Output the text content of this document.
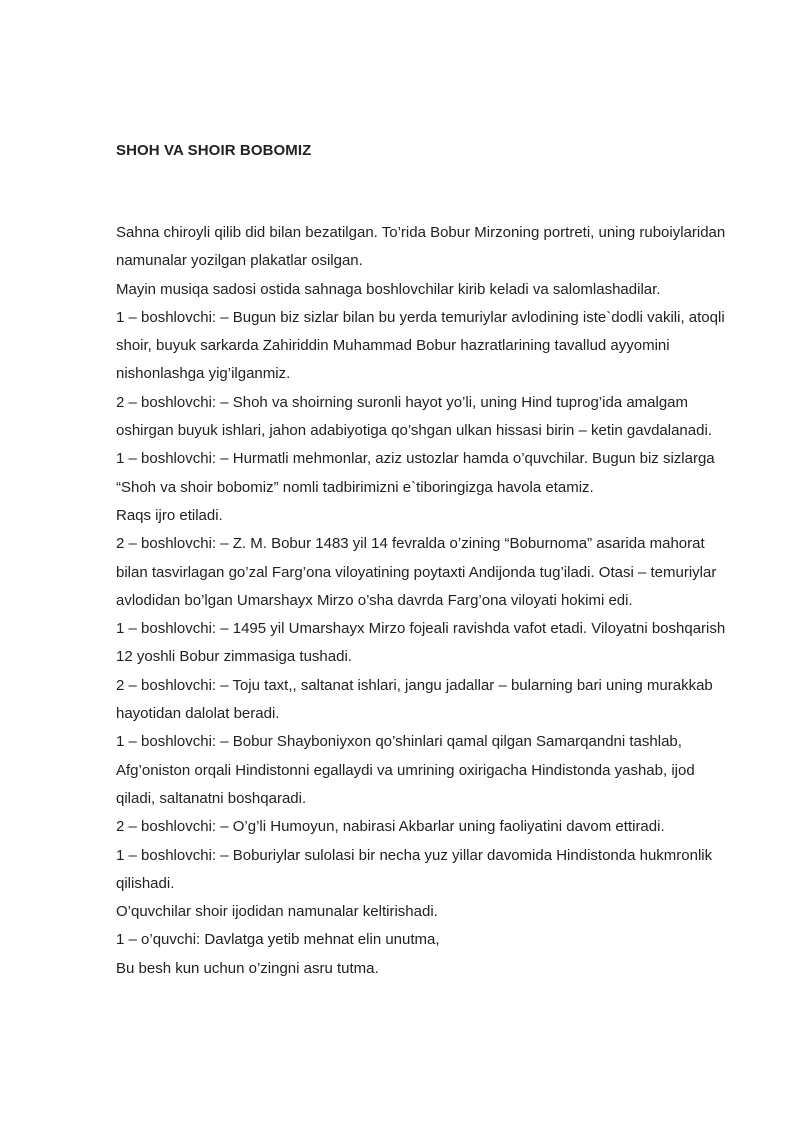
SHOH VA SHOIR BOBOMIZ

Sahna chiroyli qilib did bilan bezatilgan. To’rida Bobur Mirzoning portreti, uning ruboiylaridan namunalar yozilgan plakatlar osilgan.

Mayin musiqa sadosi ostida sahnaga boshlovchilar kirib keladi va salomlashadilar.

1 – boshlovchi: – Bugun biz sizlar bilan bu yerda temuriylar avlodining iste`dodli vakili, atoqli shoir, buyuk sarkarda Zahiriddin Muhammad Bobur hazratlarining tavallud ayyomini nishonlashga yig’ilganmiz.

2 – boshlovchi: – Shoh va shoirning suronli hayot yo’li, uning Hind tuprog’ida amalgam oshirgan buyuk ishlari, jahon adabiyotiga qo’shgan ulkan hissasi birin – ketin gavdalanadi.

1 – boshlovchi: – Hurmatli mehmonlar, aziz ustozlar hamda o’quvchilar. Bugun biz sizlarga “Shoh va shoir bobomiz” nomli tadbirimizni e`tiboringizga havola etamiz.

Raqs ijro etiladi.

2 – boshlovchi: – Z. M. Bobur 1483 yil 14 fevralda o’zining “Boburnoma” asarida mahorat bilan tasvirlagan go’zal Farg’ona viloyatining poytaxti Andijonda tug’iladi. Otasi – temuriylar avlodidan bo’lgan Umarshayx Mirzo o’sha davrda Farg’ona viloyati hokimi edi.

1 – boshlovchi: – 1495 yil Umarshayx Mirzo fojeali ravishda vafot etadi. Viloyatni boshqarish 12 yoshli Bobur zimmasiga tushadi.

2 – boshlovchi: – Toju taxt,, saltanat ishlari, jangu jadallar – bularning bari uning murakkab hayotidan dalolat beradi.

1 – boshlovchi: – Bobur Shayboniyxon qo’shinlari qamal qilgan Samarqandni tashlab, Afg’oniston orqali Hindistonni egallaydi va umrining oxirigacha Hindistonda yashab, ijod qiladi, saltanatni boshqaradi.

2 – boshlovchi: – O’g’li Humoyun, nabirasi Akbarlar uning faoliyatini davom ettiradi.

1 – boshlovchi: – Boburiylar sulolasi bir necha yuz yillar davomida Hindistonda hukmronlik qilishadi.

O’quvchilar shoir ijodidan namunalar keltirishadi.

1 – o’quvchi: Davlatga yetib mehnat elin unutma,

Bu besh kun uchun o’zingni asru tutma.
